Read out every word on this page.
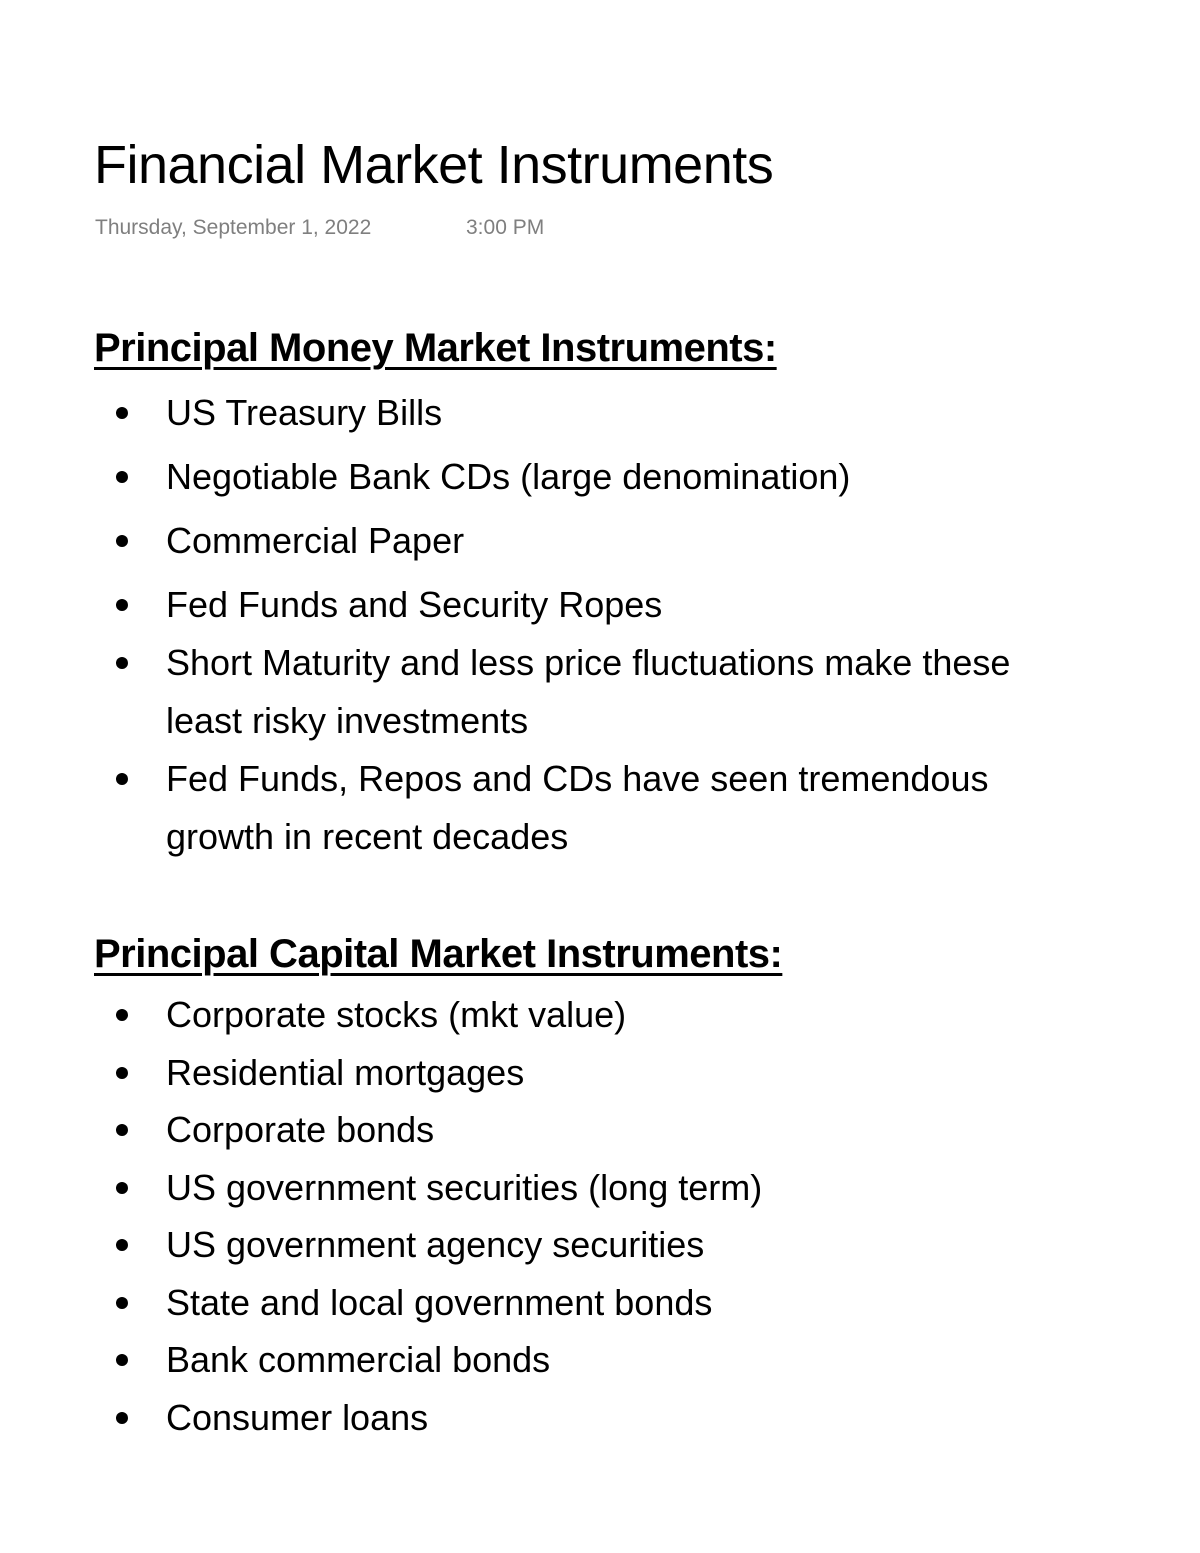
Financial Market Instruments
Thursday, September 1, 2022	3:00 PM
Principal Money Market Instruments:
US Treasury Bills
Negotiable Bank CDs (large denomination)
Commercial Paper
Fed Funds and Security Ropes
Short Maturity and less price fluctuations make these least risky investments
Fed Funds, Repos and CDs have seen tremendous growth in recent decades
Principal Capital Market Instruments:
Corporate stocks (mkt value)
Residential mortgages
Corporate bonds
US government securities (long term)
US government agency securities
State and local government bonds
Bank commercial bonds
Consumer loans
